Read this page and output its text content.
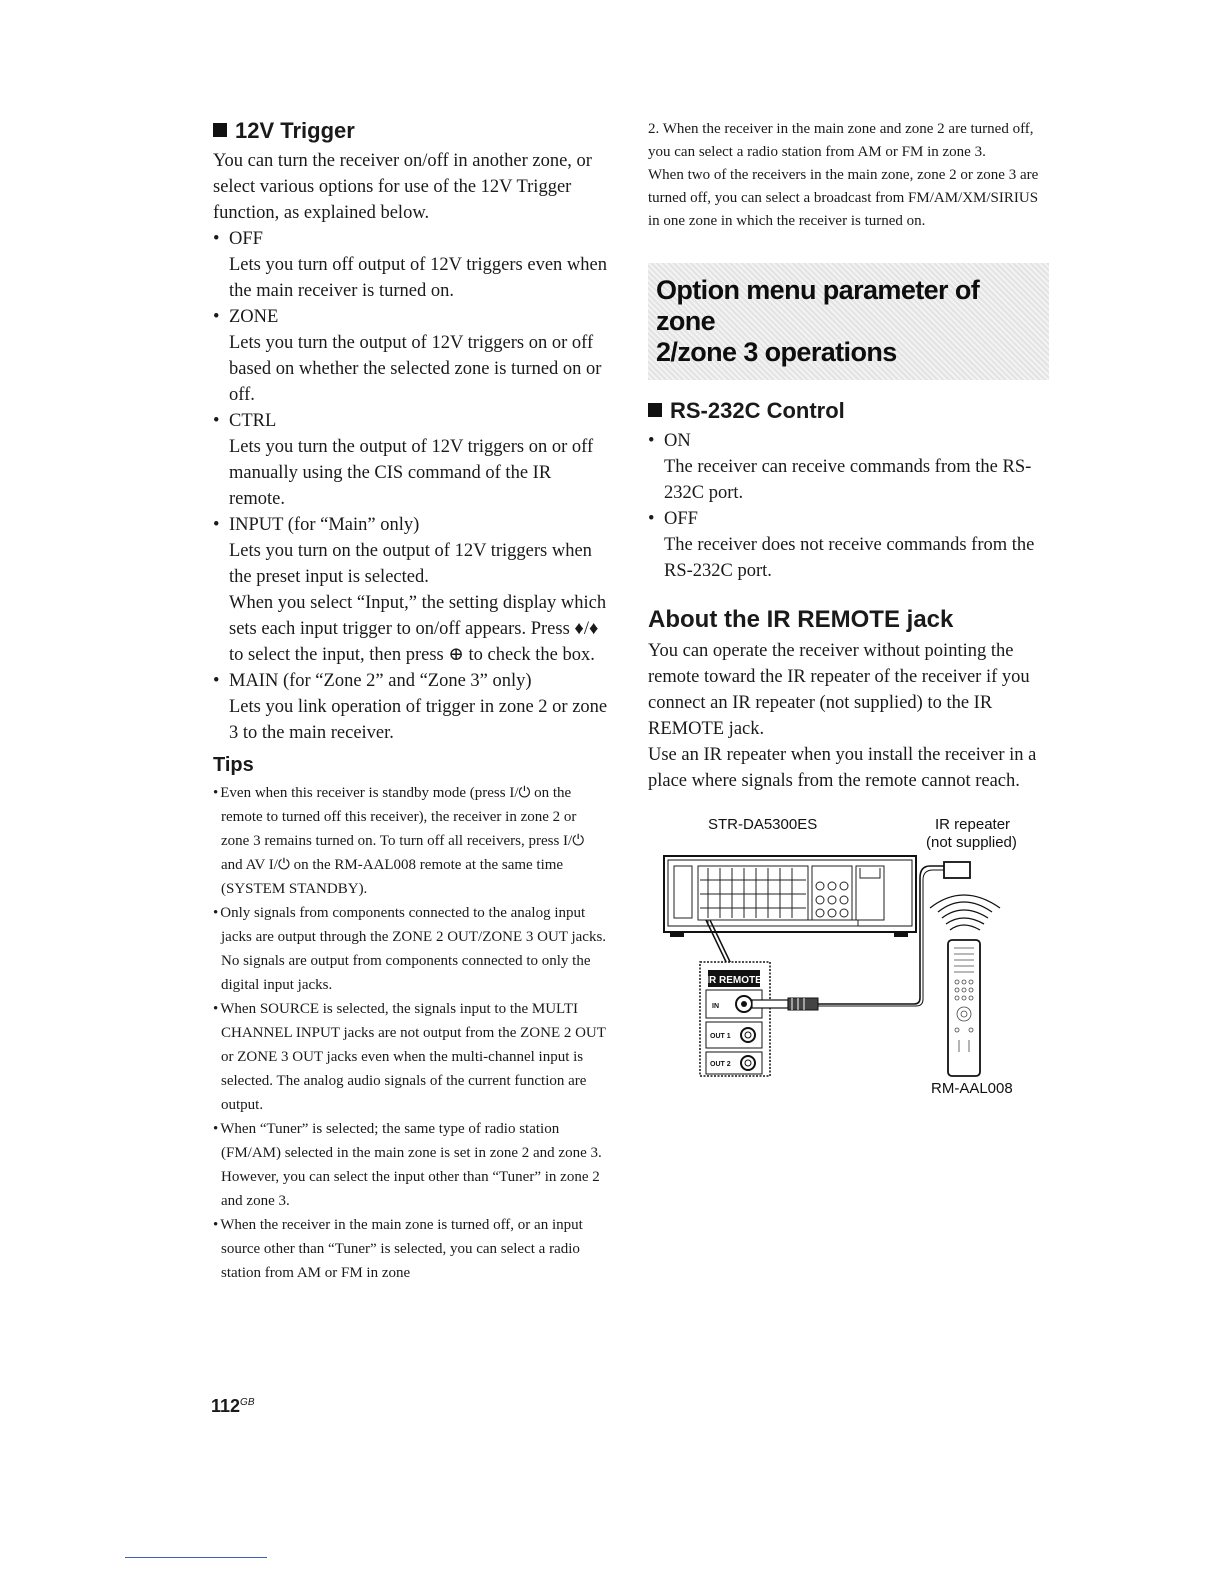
12V Trigger

You can turn the receiver on/off in another zone, or select various options for use of the 12V Trigger function, as explained below.

• OFF
Lets you turn off output of 12V triggers even when the main receiver is turned on.
• ZONE
Lets you turn the output of 12V triggers on or off based on whether the selected zone is turned on or off.
• CTRL
Lets you turn the output of 12V triggers on or off manually using the CIS command of the IR remote.
• INPUT (for “Main” only)
Lets you turn on the output of 12V triggers when the preset input is selected.
When you select “Input,” the setting display which sets each input trigger to on/off appears. Press ♦/♦ to select the input, then press ⊕ to check the box.
• MAIN (for “Zone 2” and “Zone 3” only)
Lets you link operation of trigger in zone 2 or zone 3 to the main receiver.
Tips
• Even when this receiver is standby mode (press I/⏻ on the remote to turned off this receiver), the receiver in zone 2 or zone 3 remains turned on. To turn off all receivers, press I/⏻ and AV I/⏻ on the RM-AAL008 remote at the same time (SYSTEM STANDBY).
• Only signals from components connected to the analog input jacks are output through the ZONE 2 OUT/ZONE 3 OUT jacks. No signals are output from components connected to only the digital input jacks.
• When SOURCE is selected, the signals input to the MULTI CHANNEL INPUT jacks are not output from the ZONE 2 OUT or ZONE 3 OUT jacks even when the multi-channel input is selected. The analog audio signals of the current function are output.
• When “Tuner” is selected; the same type of radio station (FM/AM) selected in the main zone is set in zone 2 and zone 3. However, you can select the input other than “Tuner” in zone 2 and zone 3.
• When the receiver in the main zone is turned off, or an input source other than “Tuner” is selected, you can select a radio station from AM or FM in zone
$112^{GB}$

2. When the receiver in the main zone and zone 2 are turned off, you can select a radio station from AM or FM in zone 3.

When two of the receivers in the main zone, zone 2 or zone 3 are turned off, you can select a broadcast from FM/AM/XM/SIRIUS in one zone in which the receiver is turned on.

Option menu parameter of zone
2/zone 3 operations
RS-232C Control
• ON
The receiver can receive commands from the RS-232C port.
• OFF
The receiver does not receive commands from the RS-232C port.
About the IR REMOTE jack

You can operate the receiver without pointing the remote toward the IR repeater of the receiver if you connect an IR repeater (not supplied) to the IR REMOTE jack.

Use an IR repeater when you install the receiver in a place where signals from the remote cannot reach.

STR-DA5300ES	IR repeater
(not supplied)
RM-AAL008
IR REMOTE
IN
OUT 1
OUT 2
